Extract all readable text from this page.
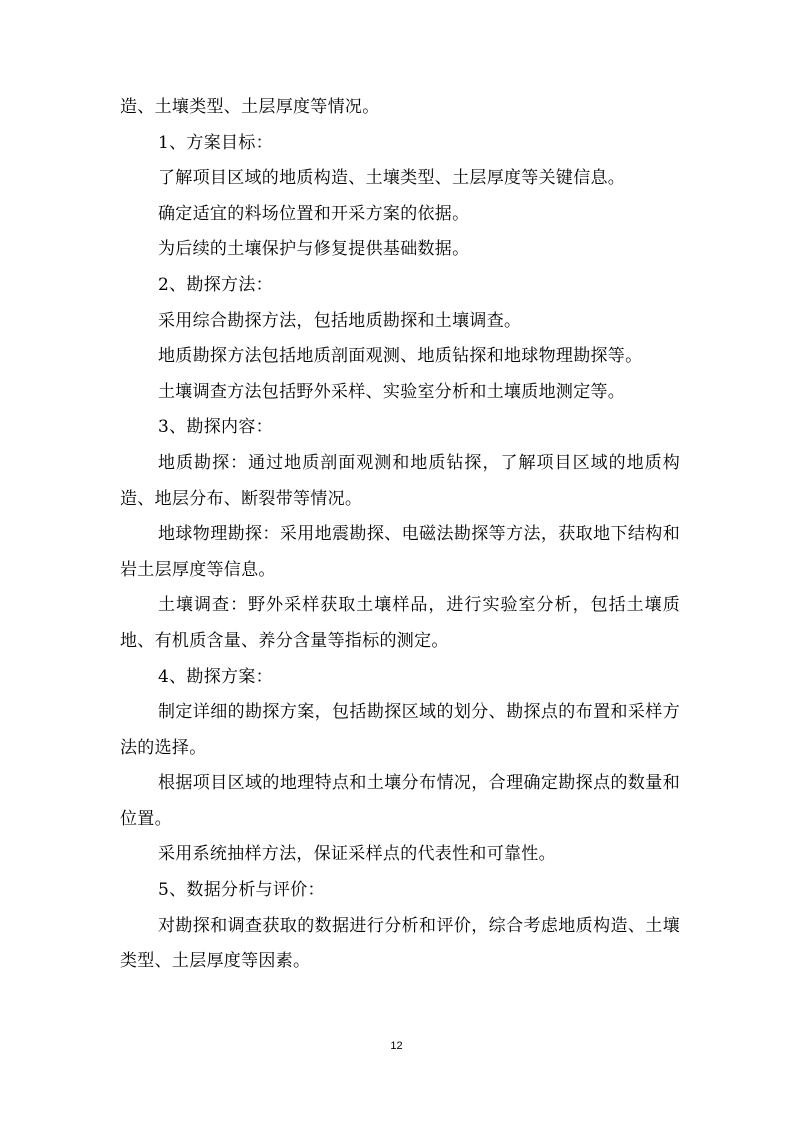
造、土壤类型、土层厚度等情况。

1、方案目标：

了解项目区域的地质构造、土壤类型、土层厚度等关键信息。

确定适宜的料场位置和开采方案的依据。

为后续的土壤保护与修复提供基础数据。

2、勘探方法：

采用综合勘探方法，包括地质勘探和土壤调查。

地质勘探方法包括地质剖面观测、地质钻探和地球物理勘探等。

土壤调查方法包括野外采样、实验室分析和土壤质地测定等。

3、勘探内容：

地质勘探：通过地质剖面观测和地质钻探，了解项目区域的地质构造、地层分布、断裂带等情况。

地球物理勘探：采用地震勘探、电磁法勘探等方法，获取地下结构和岩土层厚度等信息。

土壤调查：野外采样获取土壤样品，进行实验室分析，包括土壤质地、有机质含量、养分含量等指标的测定。

4、勘探方案：

制定详细的勘探方案，包括勘探区域的划分、勘探点的布置和采样方法的选择。

根据项目区域的地理特点和土壤分布情况，合理确定勘探点的数量和位置。

采用系统抽样方法，保证采样点的代表性和可靠性。

5、数据分析与评价：

对勘探和调查获取的数据进行分析和评价，综合考虑地质构造、土壤类型、土层厚度等因素。

12
